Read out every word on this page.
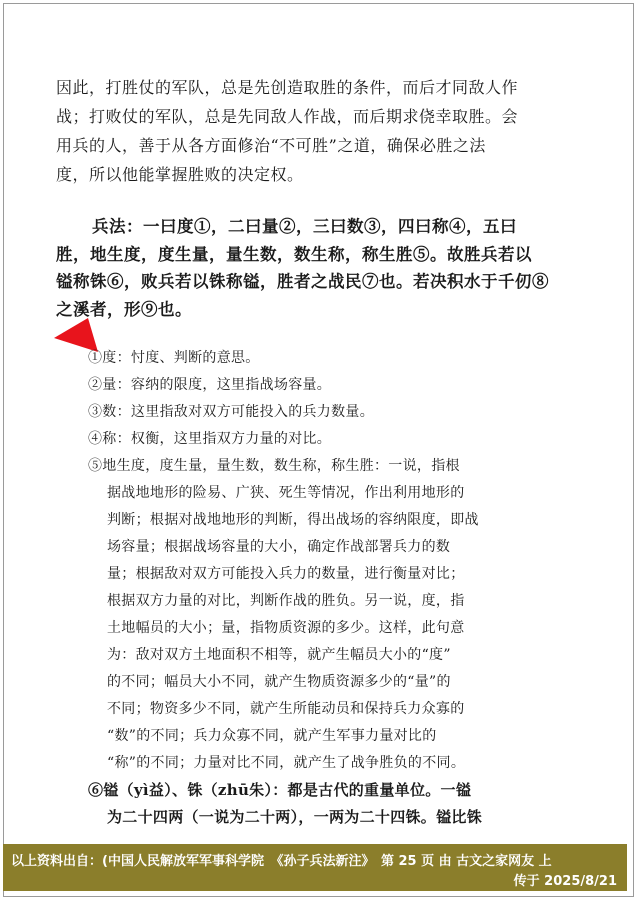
因此，打胜仗的军队，总是先创造取胜的条件，而后才同敌人作
战；打败仗的军队，总是先同敌人作战，而后期求侥幸取胜。会
用兵的人，善于从各方面修治“不可胜”之道，确保必胜之法
度，所以他能掌握胜败的决定权。
兵法：一曰度①，二曰量②，三曰数③，四曰称④，五曰
胜，地生度，度生量，量生数，数生称，称生胜⑤。故胜兵若以
镒称铢⑥，败兵若以铢称镒，胜者之战民⑦也。若决积水于千仞⑧
之溪者，形⑨也。
①度：忖度、判断的意思。
②量：容纳的限度，这里指战场容量。
③数：这里指敌对双方可能投入的兵力数量。
④称：权衡，这里指双方力量的对比。
⑤地生度，度生量，量生数，数生称，称生胜：一说，指根
据战地地形的险易、广狭、死生等情况，作出利用地形的
判断；根据对战地地形的判断，得出战场的容纳限度，即战
场容量；根据战场容量的大小，确定作战部署兵力的数
量；根据敌对双方可能投入兵力的数量，进行衡量对比；
根据双方力量的对比，判断作战的胜负。另一说，度，指
土地幅员的大小；量，指物质资源的多少。这样，此句意
为：敌对双方土地面积不相等，就产生幅员大小的“度”
的不同；幅员大小不同，就产生物质资源多少的“量”的
不同；物资多少不同，就产生所能动员和保持兵力众寡的
“数”的不同；兵力众寡不同，就产生军事力量对比的
“称”的不同；力量对比不同，就产生了战争胜负的不同。
⑥镒（yì益）、铢（zhū朱）：都是古代的重量单位。一镒
为二十四两（一说为二十两），一两为二十四铢。镒比铢
以上资料出自：(中国人民解放军军事科学院　《孙子兵法新注》　第 25 页 由 古文之家网友 上
传于 2025/8/21
